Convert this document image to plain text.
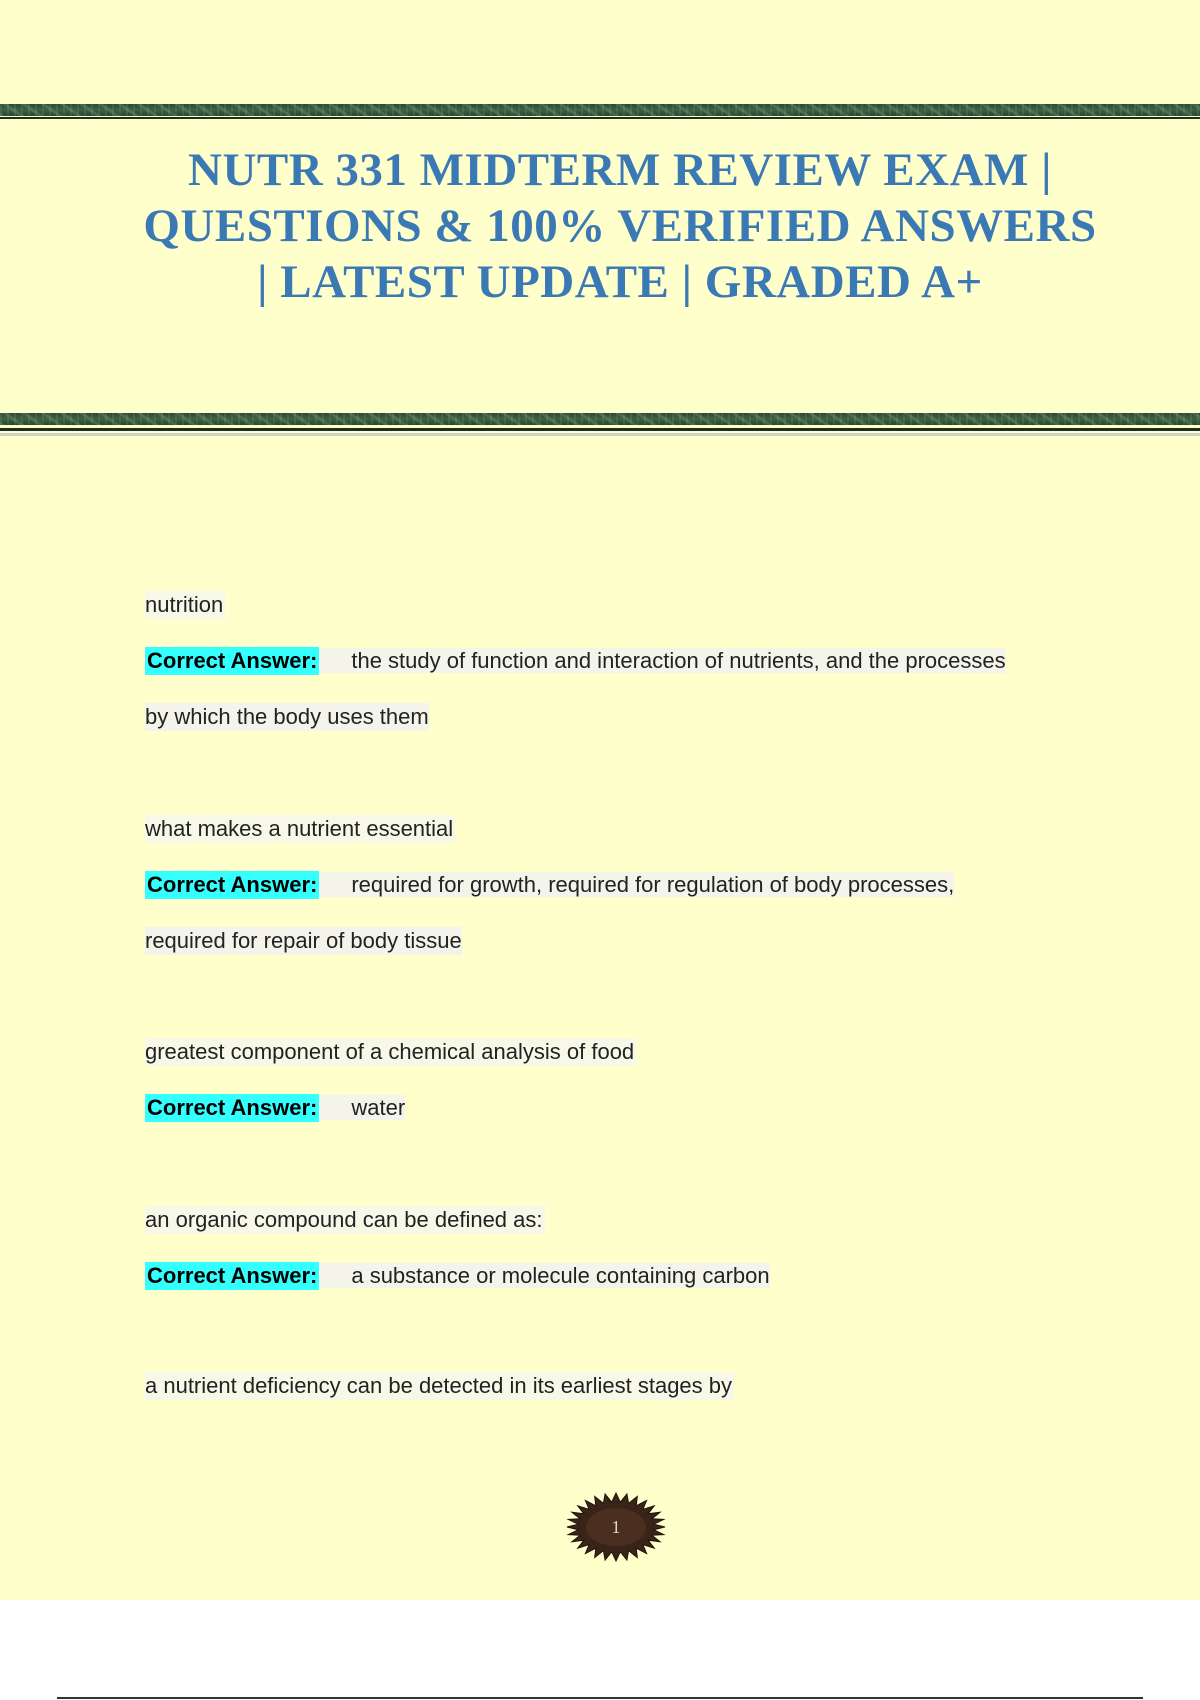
NUTR 331 MIDTERM REVIEW EXAM | QUESTIONS & 100% VERIFIED ANSWERS | LATEST UPDATE | GRADED A+
nutrition
Correct Answer: the study of function and interaction of nutrients, and the processes
by which the body uses them
what makes a nutrient essential
Correct Answer: required for growth, required for regulation of body processes,
required for repair of body tissue
greatest component of a chemical analysis of food
Correct Answer: water
an organic compound can be defined as:
Correct Answer: a substance or molecule containing carbon
a nutrient deficiency can be detected in its earliest stages by
1
